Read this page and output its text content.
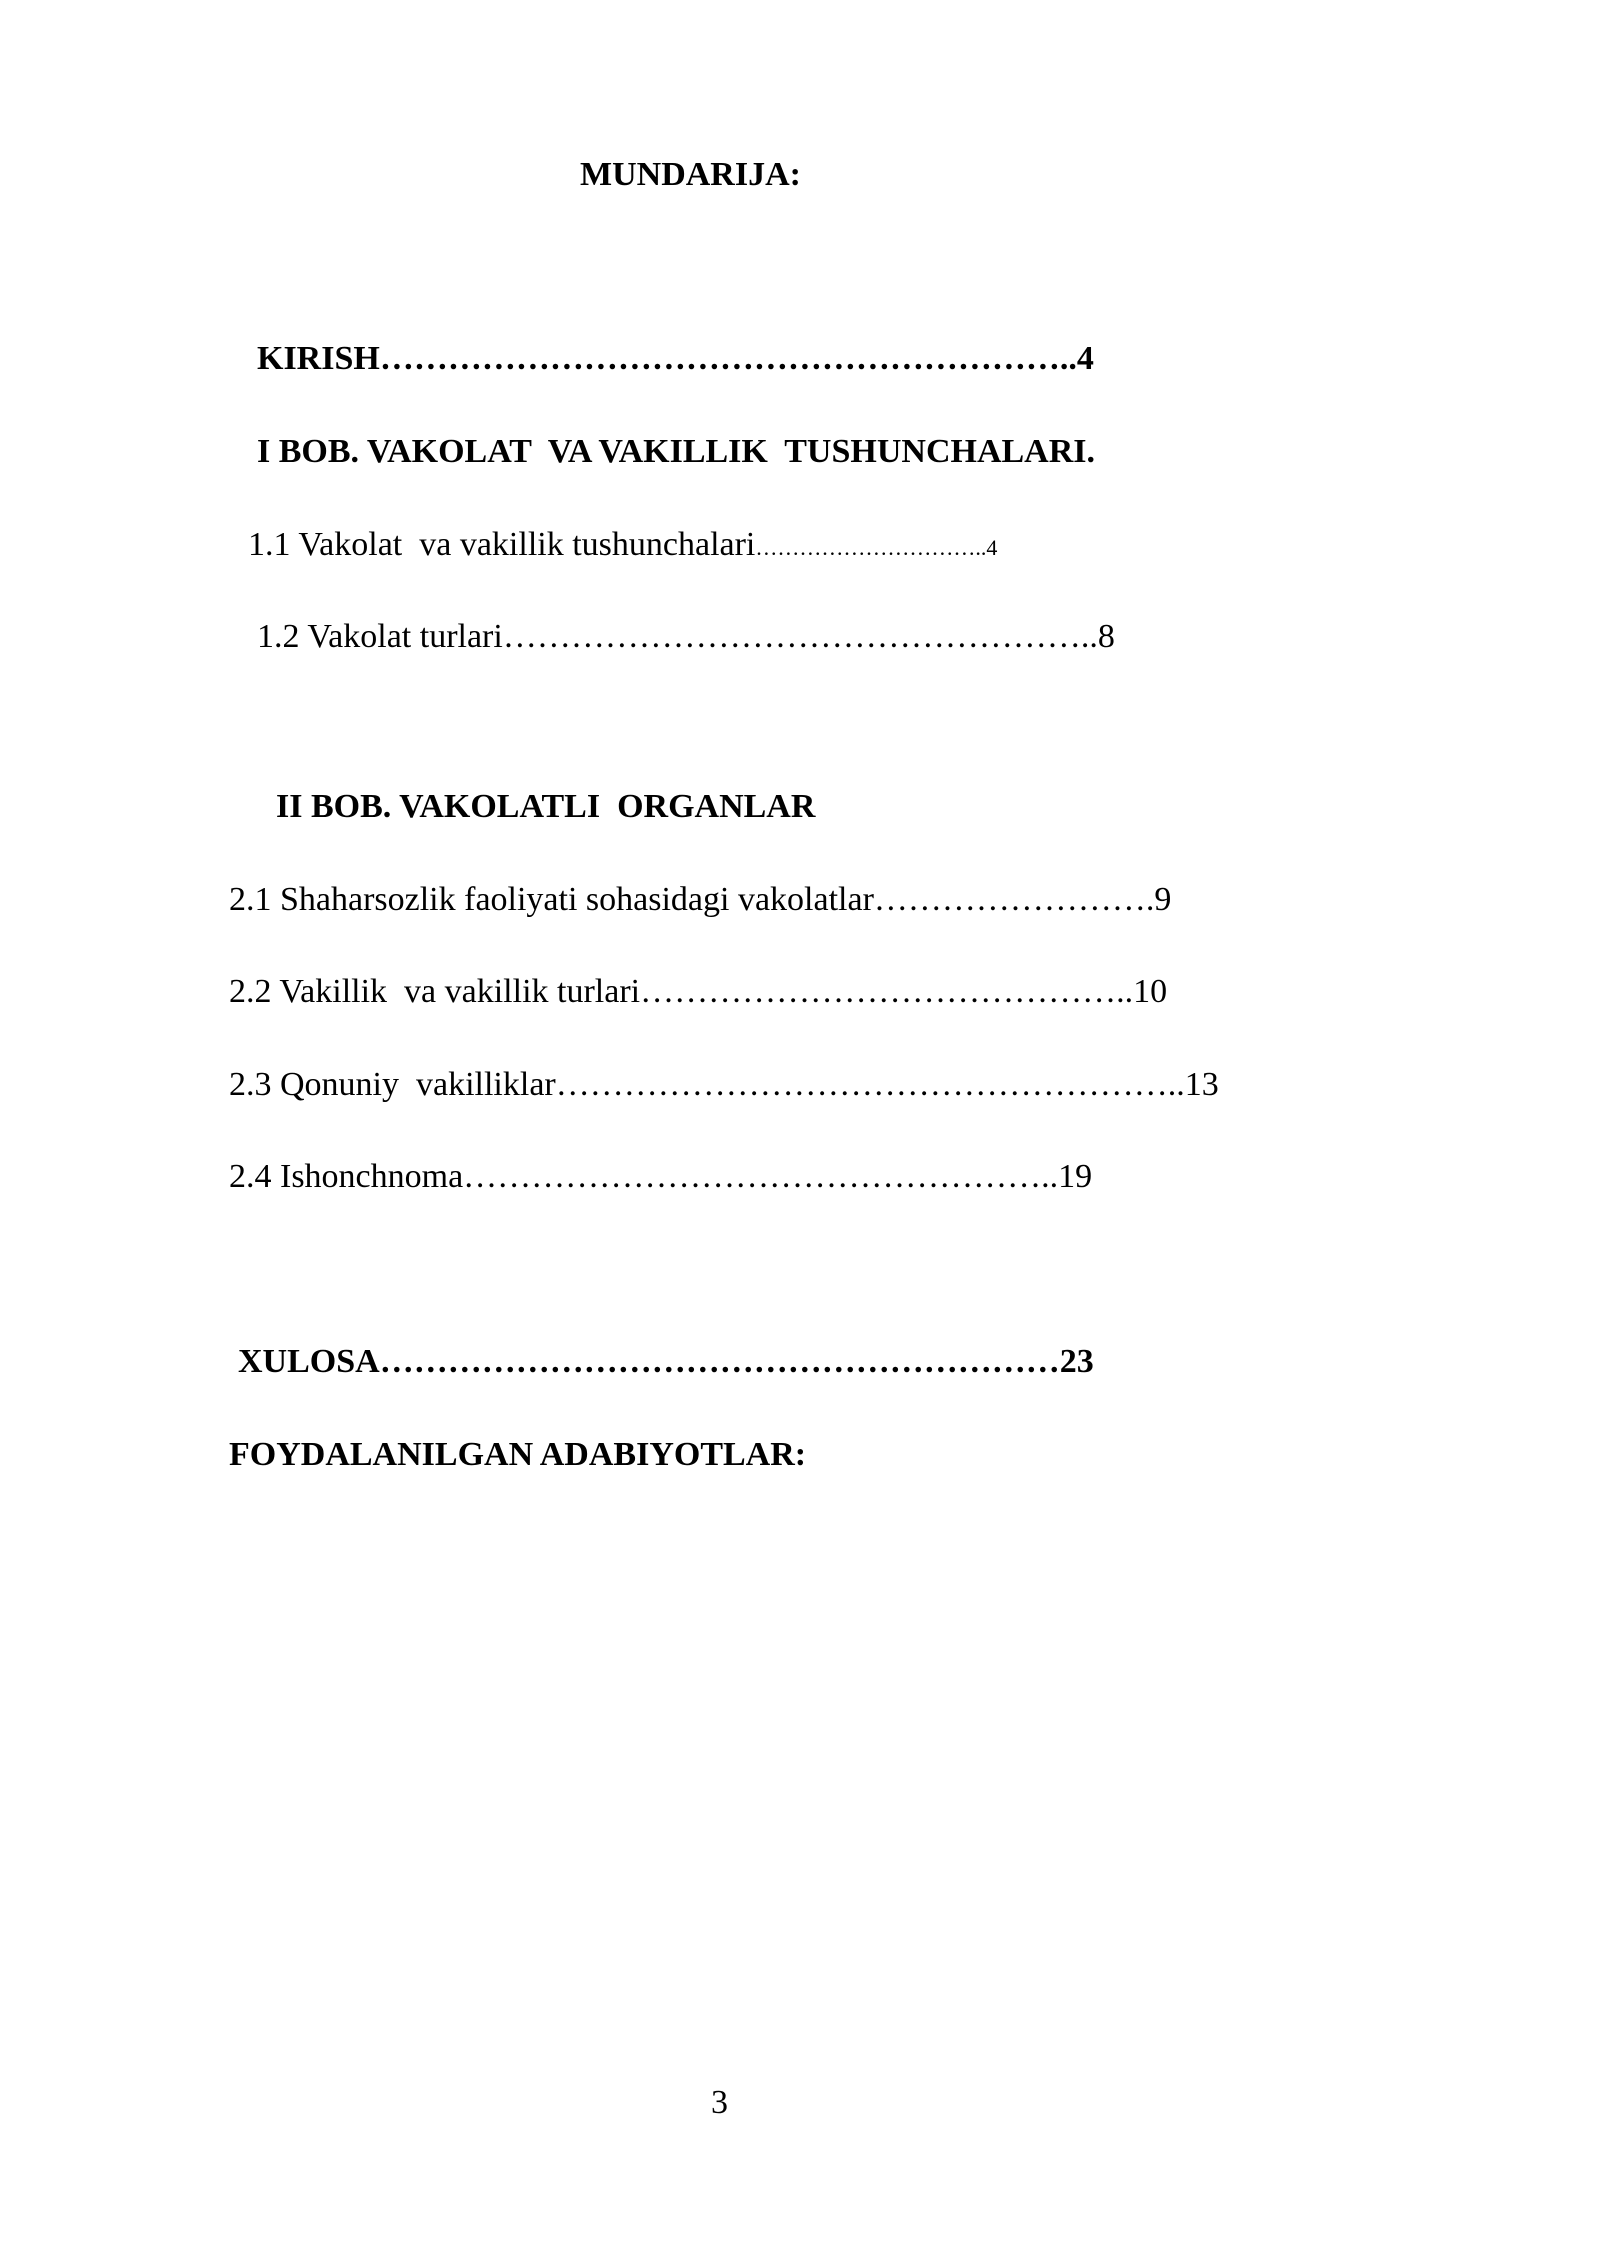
MUNDARIJA:
KIRISH……………………………………………………..4
I BOB. VAKOLAT  VA VAKILLIK  TUSHUNCHALARI.
1.1 Vakolat  va vakillik tushunchalari…………………………..4
1.2 Vakolat turlari……………………………………………..8
II BOB. VAKOLATLI  ORGANLAR
2.1 Shaharsozlik faoliyati sohasidagi vakolatlar…………………….9
2.2 Vakillik  va vakillik turlari……………………………………..10
2.3 Qonuniy  vakilliklar………………………………………………..13
2.4 Ishonchnoma……………………………………………..19
XULOSA……………………………………………………23
FOYDALANILGAN ADABIYOTLAR:
3
